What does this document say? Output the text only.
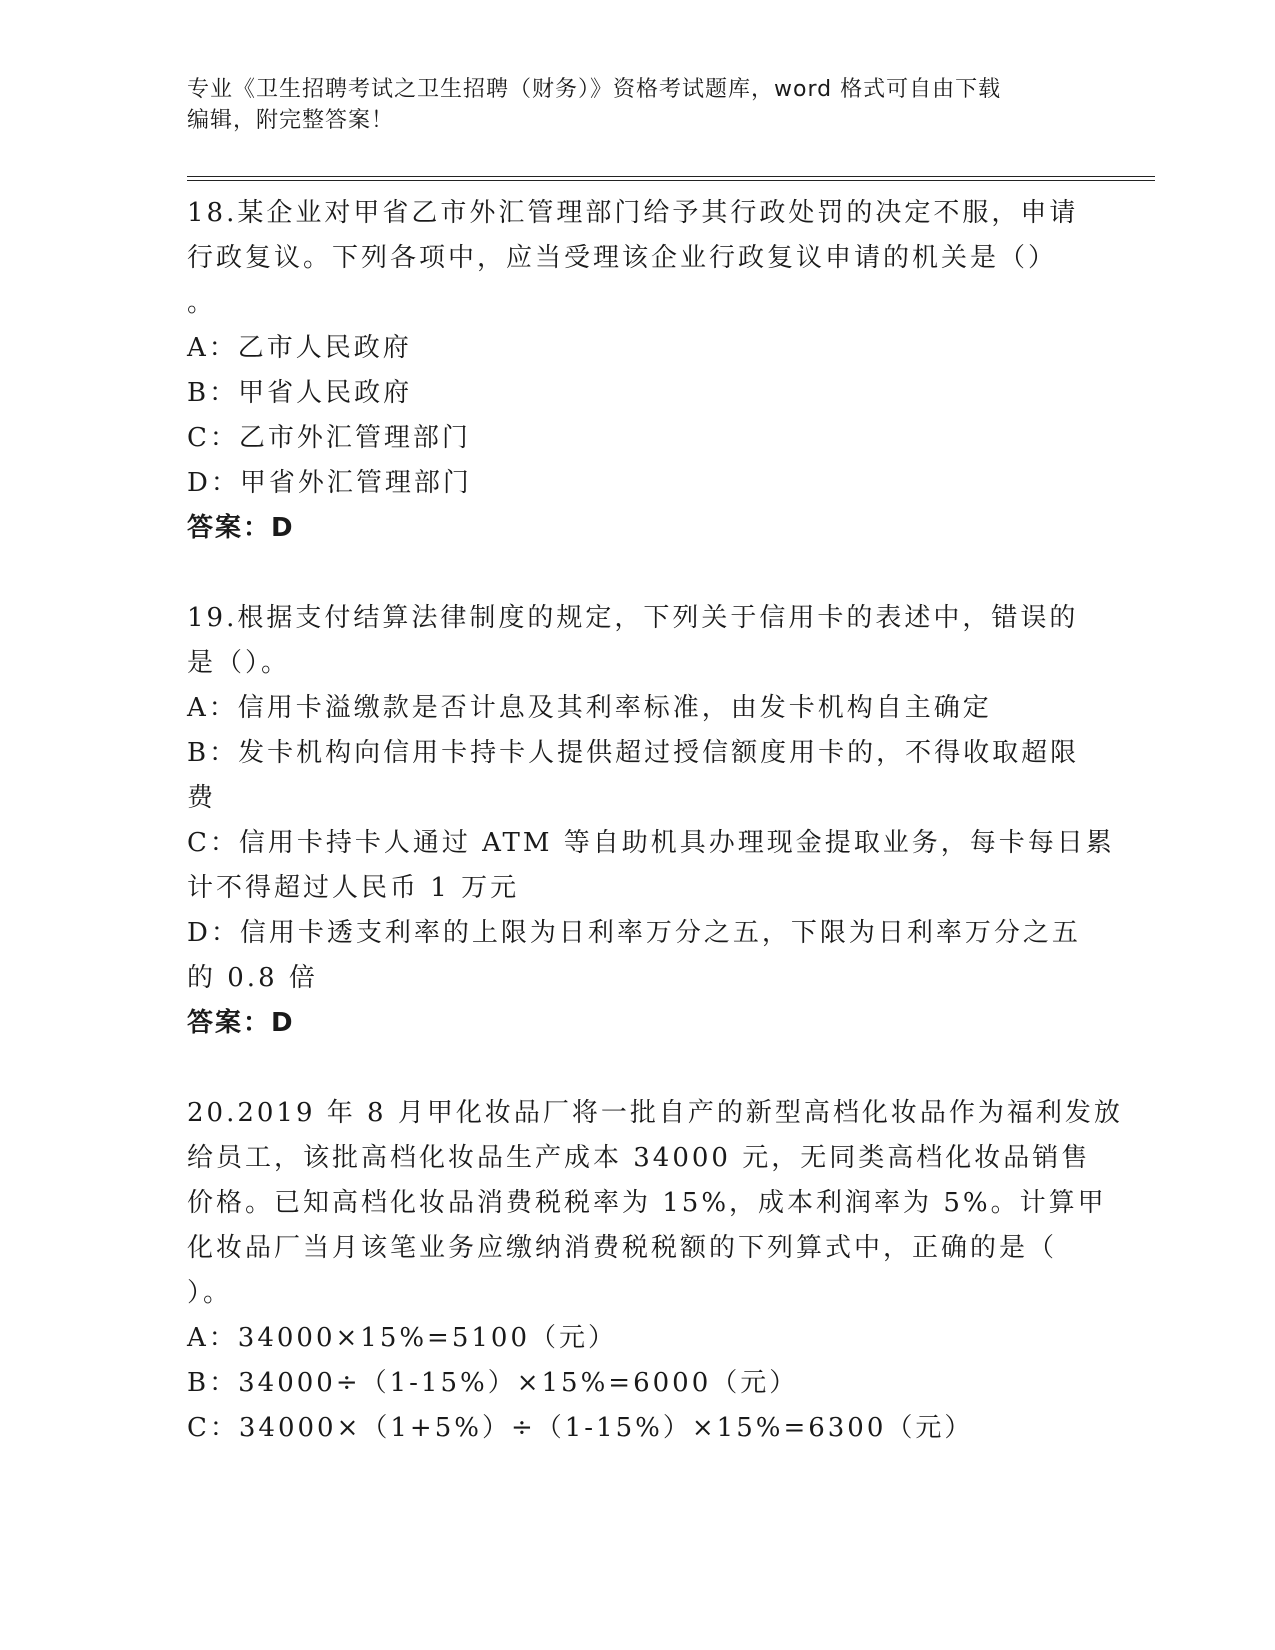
专业《卫生招聘考试之卫生招聘（财务）》资格考试题库，word 格式可自由下载
编辑，附完整答案！
18.某企业对甲省乙市外汇管理部门给予其行政处罚的决定不服，申请
行政复议。下列各项中，应当受理该企业行政复议申请的机关是（）
。
A：乙市人民政府
B：甲省人民政府
C：乙市外汇管理部门
D：甲省外汇管理部门
答案：D
19.根据支付结算法律制度的规定，下列关于信用卡的表述中，错误的
是（）。
A：信用卡溢缴款是否计息及其利率标准，由发卡机构自主确定
B：发卡机构向信用卡持卡人提供超过授信额度用卡的，不得收取超限
费
C：信用卡持卡人通过 ATM 等自助机具办理现金提取业务，每卡每日累
计不得超过人民币 1 万元
D：信用卡透支利率的上限为日利率万分之五，下限为日利率万分之五
的 0.8 倍
答案：D
20.2019 年 8 月甲化妆品厂将一批自产的新型高档化妆品作为福利发放
给员工，该批高档化妆品生产成本 34000 元，无同类高档化妆品销售
价格。已知高档化妆品消费税税率为 15%，成本利润率为 5%。计算甲
化妆品厂当月该笔业务应缴纳消费税税额的下列算式中，正确的是（
）。
A：34000×15%=5100（元）
B：34000÷（1-15%）×15%=6000（元）
C：34000×（1+5%）÷（1-15%）×15%=6300（元）
